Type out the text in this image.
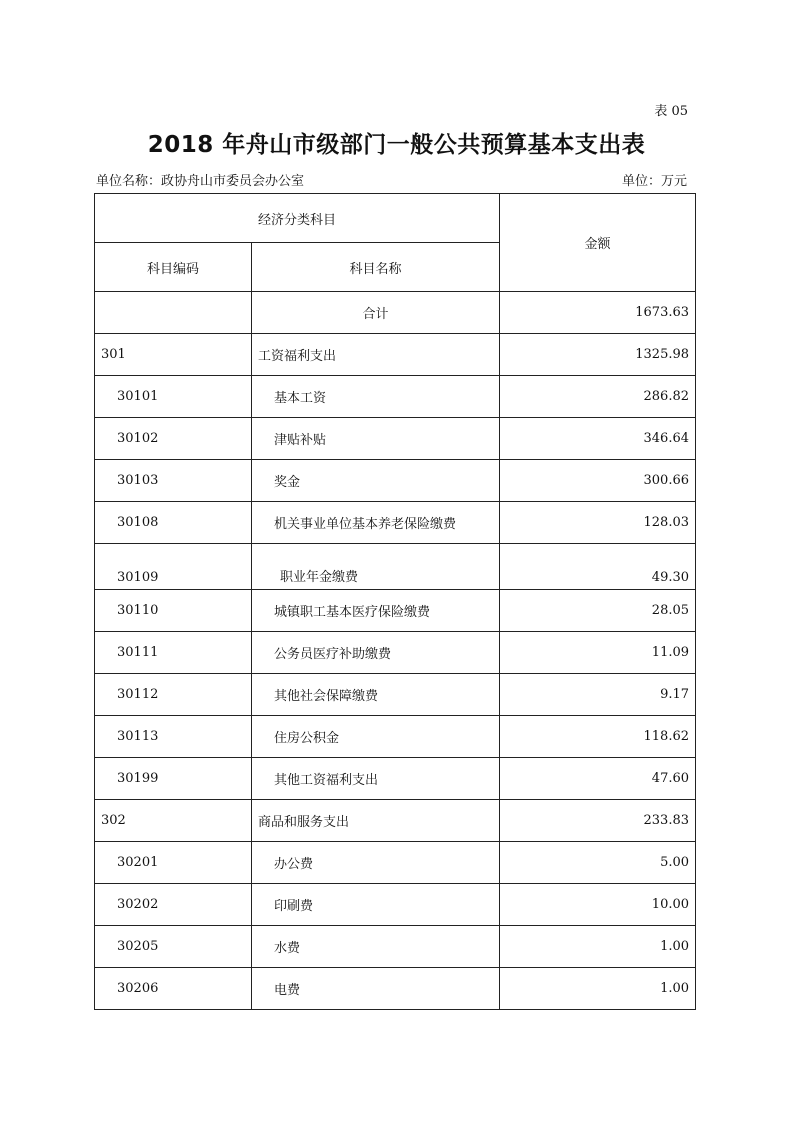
表 05
2018 年舟山市级部门一般公共预算基本支出表
单位名称：政协舟山市委员会办公室	单位：万元
经济分类科目		金额
科目编码	科目名称	
	合计	1673.63
301	工资福利支出	1325.98
30101	基本工资	286.82
30102	津贴补贴	346.64
30103	奖金	300.66
30108	机关事业单位基本养老保险缴费	128.03
30109	职业年金缴费	49.30
30110	城镇职工基本医疗保险缴费	28.05
30111	公务员医疗补助缴费	11.09
30112	其他社会保障缴费	9.17
30113	住房公积金	118.62
30199	其他工资福利支出	47.60
302	商品和服务支出	233.83
30201	办公费	5.00
30202	印刷费	10.00
30205	水费	1.00
30206	电费	1.00
